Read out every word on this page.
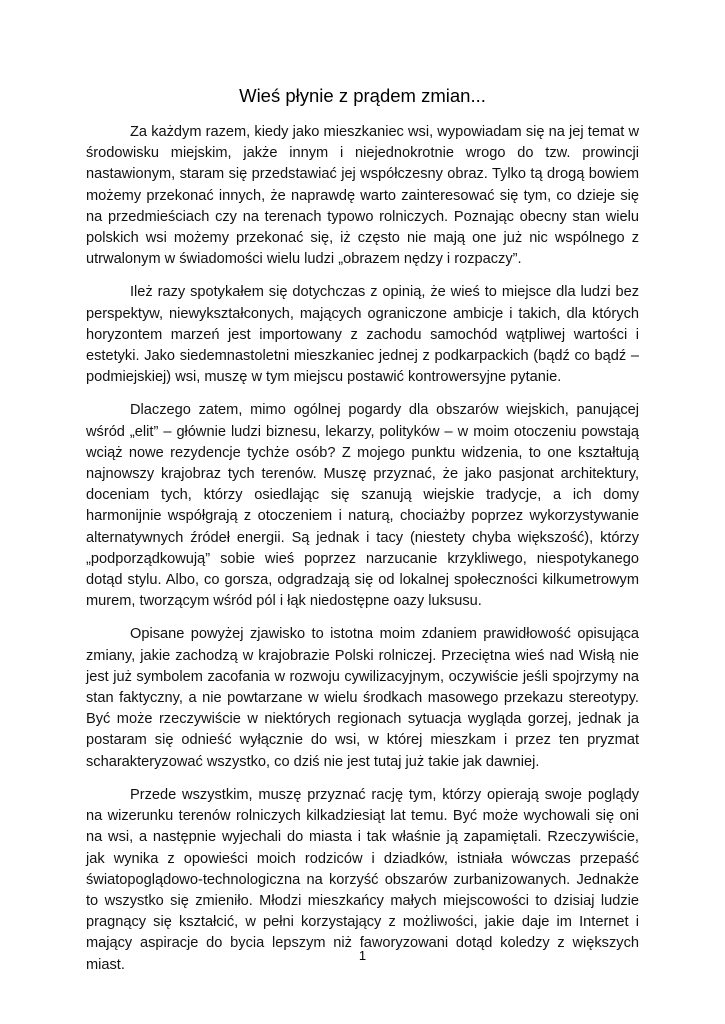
Wieś płynie z prądem zmian...

Za każdym razem, kiedy jako mieszkaniec wsi, wypowiadam się na jej temat w środowisku miejskim, jakże innym i niejednokrotnie wrogo do tzw. prowincji nastawionym, staram się przedstawiać jej współczesny obraz. Tylko tą drogą bowiem możemy przekonać innych, że naprawdę warto zainteresować się tym, co dzieje się na przedmieściach czy na terenach typowo rolniczych. Poznając obecny stan wielu polskich wsi możemy przekonać się, iż często nie mają one już nic wspólnego z utrwalonym w świadomości wielu ludzi „obrazem nędzy i rozpaczy”.

Ileż razy spotykałem się dotychczas z opinią, że wieś to miejsce dla ludzi bez perspektyw, niewykształconych, mających ograniczone ambicje i takich, dla których horyzontem marzeń jest importowany z zachodu samochód wątpliwej wartości i estetyki. Jako siedemnastoletni mieszkaniec jednej z podkarpackich (bądź co bądź – podmiejskiej) wsi, muszę w tym miejscu postawić kontrowersyjne pytanie.

Dlaczego zatem, mimo ogólnej pogardy dla obszarów wiejskich, panującej wśród „elit” – głównie ludzi biznesu, lekarzy, polityków – w moim otoczeniu powstają wciąż nowe rezydencje tychże osób? Z mojego punktu widzenia, to one kształtują najnowszy krajobraz tych terenów. Muszę przyznać, że jako pasjonat architektury, doceniam tych, którzy osiedlając się szanują wiejskie tradycje, a ich domy harmonijnie współgrają z otoczeniem i naturą, chociażby poprzez wykorzystywanie alternatywnych źródeł energii. Są jednak i tacy (niestety chyba większość), którzy „podporządkowują” sobie wieś poprzez narzucanie krzykliwego, niespotykanego dotąd stylu. Albo, co gorsza, odgradzają się od lokalnej społeczności kilkumetrowym murem, tworzącym wśród pól i łąk niedostępne oazy luksusu.

Opisane powyżej zjawisko to istotna moim zdaniem prawidłowość opisująca zmiany, jakie zachodzą w krajobrazie Polski rolniczej. Przeciętna wieś nad Wisłą nie jest już symbolem zacofania w rozwoju cywilizacyjnym, oczywiście jeśli spojrzymy na stan faktyczny, a nie powtarzane w wielu środkach masowego przekazu stereotypy. Być może rzeczywiście w niektórych regionach sytuacja wygląda gorzej, jednak ja postaram się odnieść wyłącznie do wsi, w której mieszkam i przez ten pryzmat scharakteryzować wszystko, co dziś nie jest tutaj już takie jak dawniej.

Przede wszystkim, muszę przyznać rację tym, którzy opierają swoje poglądy na wizerunku terenów rolniczych kilkadziesiąt lat temu. Być może wychowali się oni na wsi, a następnie wyjechali do miasta i tak właśnie ją zapamiętali. Rzeczywiście, jak wynika z opowieści moich rodziców i dziadków, istniała wówczas przepaść światopoglądowo-technologiczna na korzyść obszarów zurbanizowanych. Jednakże to wszystko się zmieniło. Młodzi mieszkańcy małych miejscowości to dzisiaj ludzie pragnący się kształcić, w pełni korzystający z możliwości, jakie daje im Internet i mający aspiracje do bycia lepszym niż faworyzowani dotąd koledzy z większych miast.

1
